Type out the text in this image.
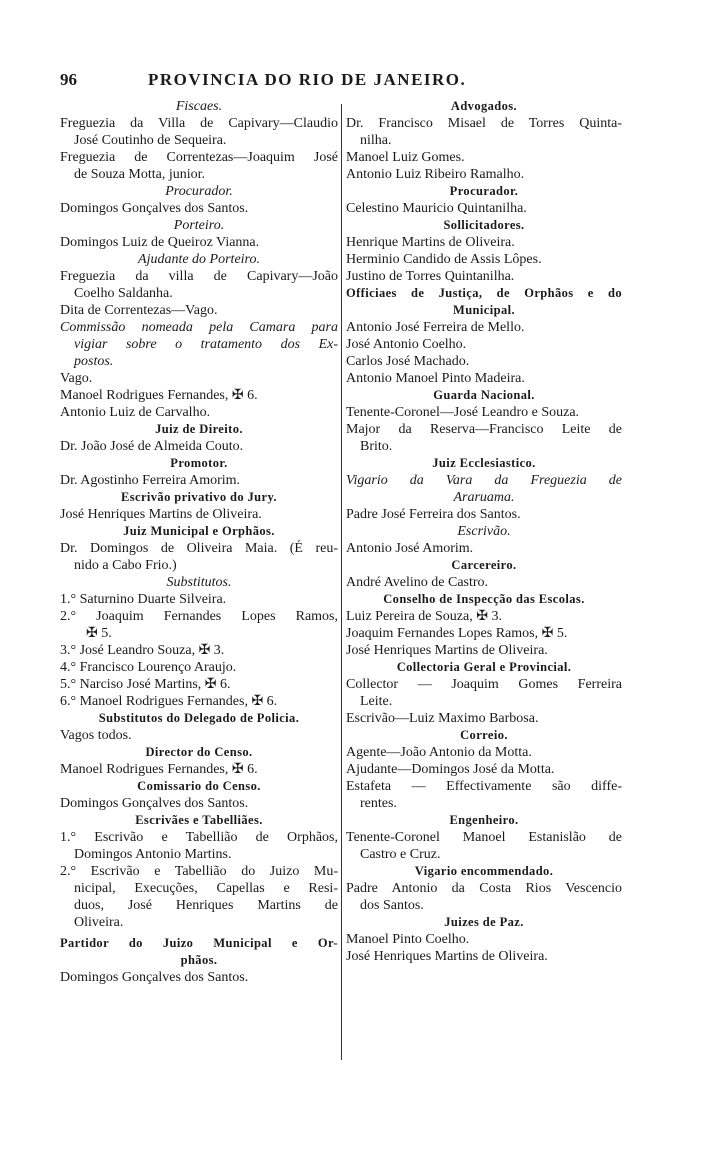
96	PROVINCIA DO RIO DE JANEIRO.
Fiscaes.
Freguezia da Villa de Capivary—Claudio
José Coutinho de Sequeira.
Freguezia de Correntezas—Joaquim José
de Souza Motta, junior.
Procurador.
Domingos Gonçalves dos Santos.
Porteiro.
Domingos Luiz de Queiroz Vianna.
Ajudante do Porteiro.
Freguezia da villa de Capivary—João
Coelho Saldanha.
Dita de Correntezas—Vago.
Commissão nomeada pela Camara para
vigiar sobre o tratamento dos Ex-
postos.
Vago.
Manoel Rodrigues Fernandes, ✠ 6.
Antonio Luiz de Carvalho.
Juiz de Direito.
Dr. João José de Almeida Couto.
Promotor.
Dr. Agostinho Ferreira Amorim.
Escrivão privativo do Jury.
José Henriques Martins de Oliveira.
Juiz Municipal e Orphãos.
Dr. Domingos de Oliveira Maia. (É reu-
nido a Cabo Frio.)
Substitutos.
1.° Saturnino Duarte Silveira.
2.° Joaquim Fernandes Lopes Ramos,
✠ 5.
3.° José Leandro Souza, ✠ 3.
4.° Francisco Lourenço Araujo.
5.° Narciso José Martins, ✠ 6.
6.° Manoel Rodrigues Fernandes, ✠ 6.
Substitutos do Delegado de Policia.
Vagos todos.
Director do Censo.
Manoel Rodrigues Fernandes, ✠ 6.
Comissario do Censo.
Domingos Gonçalves dos Santos.
Escrivães e Tabelliães.
1.° Escrivão e Tabellião de Orphãos,
Domingos Antonio Martins.
2.° Escrivão e Tabellião do Juizo Mu-
nicipal, Execuções, Capellas e Resi-
duos, José Henriques Martins de
Oliveira.
Partidor do Juizo Municipal e Or-
phãos.
Domingos Gonçalves dos Santos.
Advogados.
Dr. Francisco Misael de Torres Quinta-
nilha.
Manoel Luiz Gomes.
Antonio Luiz Ribeiro Ramalho.
Procurador.
Celestino Mauricio Quintanilha.
Sollicitadores.
Henrique Martins de Oliveira.
Herminio Candido de Assis Lôpes.
Justino de Torres Quintanilha.
Officiaes de Justiça, de Orphãos e do
Municipal.
Antonio José Ferreira de Mello.
José Antonio Coelho.
Carlos José Machado.
Antonio Manoel Pinto Madeira.
Guarda Nacional.
Tenente-Coronel—José Leandro e Souza.
Major da Reserva—Francisco Leite de
Brito.
Juiz Ecclesiastico.
Vigario da Vara da Freguezia de
Araruama.
Padre José Ferreira dos Santos.
Escrivão.
Antonio José Amorim.
Carcereiro.
André Avelino de Castro.
Conselho de Inspecção das Escolas.
Luiz Pereira de Souza, ✠ 3.
Joaquim Fernandes Lopes Ramos, ✠ 5.
José Henriques Martins de Oliveira.
Collectoria Geral e Provincial.
Collector — Joaquim Gomes Ferreira
Leite.
Escrivão—Luiz Maximo Barbosa.
Correio.
Agente—João Antonio da Motta.
Ajudante—Domingos José da Motta.
Estafeta — Effectivamente são diffe-
rentes.
Engenheiro.
Tenente-Coronel Manoel Estanislão de
Castro e Cruz.
Vigario encommendado.
Padre Antonio da Costa Rios Vescencio
dos Santos.
Juizes de Paz.
Manoel Pinto Coelho.
José Henriques Martins de Oliveira.
